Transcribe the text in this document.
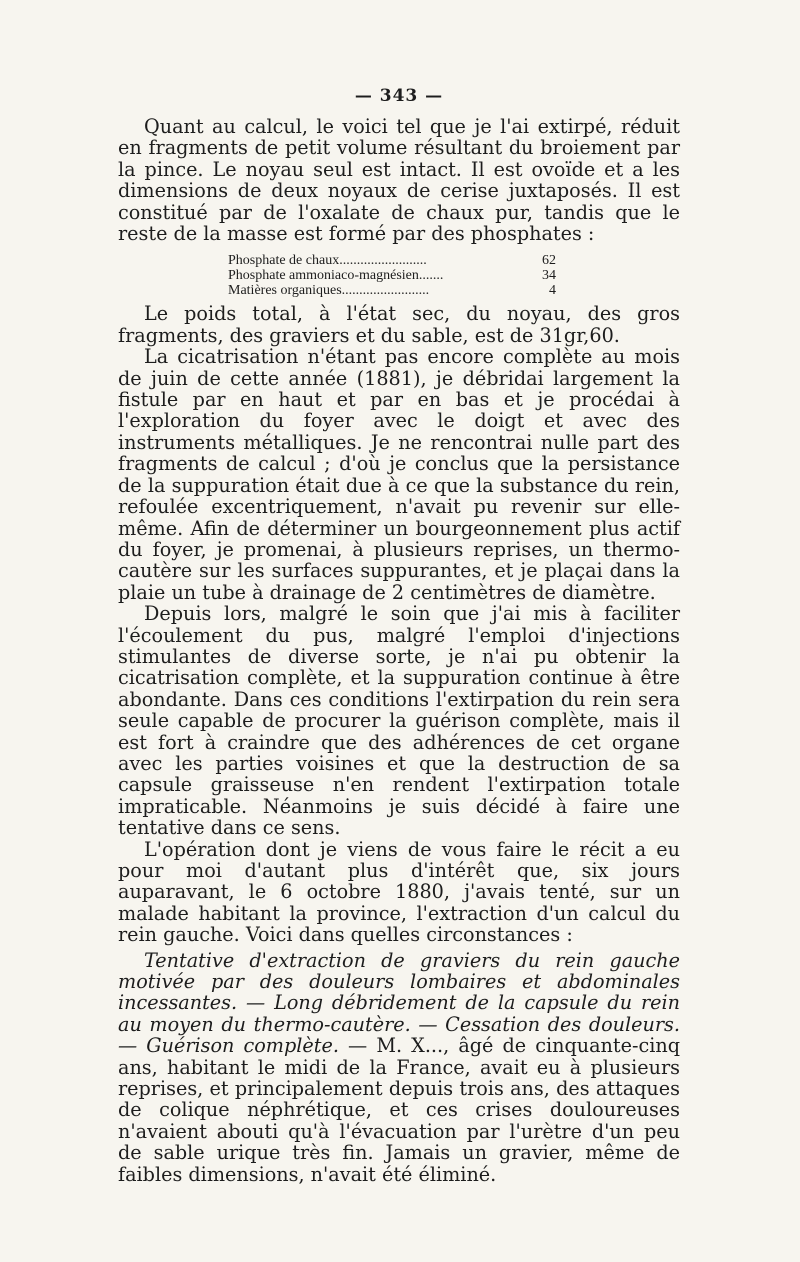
— 343 —

Quant au calcul, le voici tel que je l'ai extirpé, réduit en fragments de petit volume résultant du broiement par la pince. Le noyau seul est intact. Il est ovoïde et a les dimensions de deux noyaux de cerise juxtaposés. Il est constitué par de l'oxalate de chaux pur, tandis que le reste de la masse est formé par des phosphates :

Phosphate de chaux.........................	62
Phosphate ammoniaco-magnésien.......	34
Matières organiques.........................	4

Le poids total, à l'état sec, du noyau, des gros fragments, des graviers et du sable, est de 31gr,60.

La cicatrisation n'étant pas encore complète au mois de juin de cette année (1881), je débridai largement la fistule par en haut et par en bas et je procédai à l'exploration du foyer avec le doigt et avec des instruments métalliques. Je ne rencontrai nulle part des fragments de calcul ; d'où je conclus que la persistance de la suppuration était due à ce que la substance du rein, refoulée excentriquement, n'avait pu revenir sur elle-même. Afin de déterminer un bourgeonnement plus actif du foyer, je promenai, à plusieurs reprises, un thermo-cautère sur les surfaces suppurantes, et je plaçai dans la plaie un tube à drainage de 2 centimètres de diamètre.

Depuis lors, malgré le soin que j'ai mis à faciliter l'écoulement du pus, malgré l'emploi d'injections stimulantes de diverse sorte, je n'ai pu obtenir la cicatrisation complète, et la suppuration continue à être abondante. Dans ces conditions l'extirpation du rein sera seule capable de procurer la guérison complète, mais il est fort à craindre que des adhérences de cet organe avec les parties voisines et que la destruction de sa capsule graisseuse n'en rendent l'extirpation totale impraticable. Néanmoins je suis décidé à faire une tentative dans ce sens.

L'opération dont je viens de vous faire le récit a eu pour moi d'autant plus d'intérêt que, six jours auparavant, le 6 octobre 1880, j'avais tenté, sur un malade habitant la province, l'extraction d'un calcul du rein gauche. Voici dans quelles circonstances :

Tentative d'extraction de graviers du rein gauche motivée par des douleurs lombaires et abdominales incessantes. — Long débridement de la capsule du rein au moyen du thermo-cautère. — Cessation des douleurs. — Guérison complète. — M. X..., âgé de cinquante-cinq ans, habitant le midi de la France, avait eu à plusieurs reprises, et principalement depuis trois ans, des attaques de colique néphrétique, et ces crises douloureuses n'avaient abouti qu'à l'évacuation par l'urètre d'un peu de sable urique très fin. Jamais un gravier, même de faibles dimensions, n'avait été éliminé.
